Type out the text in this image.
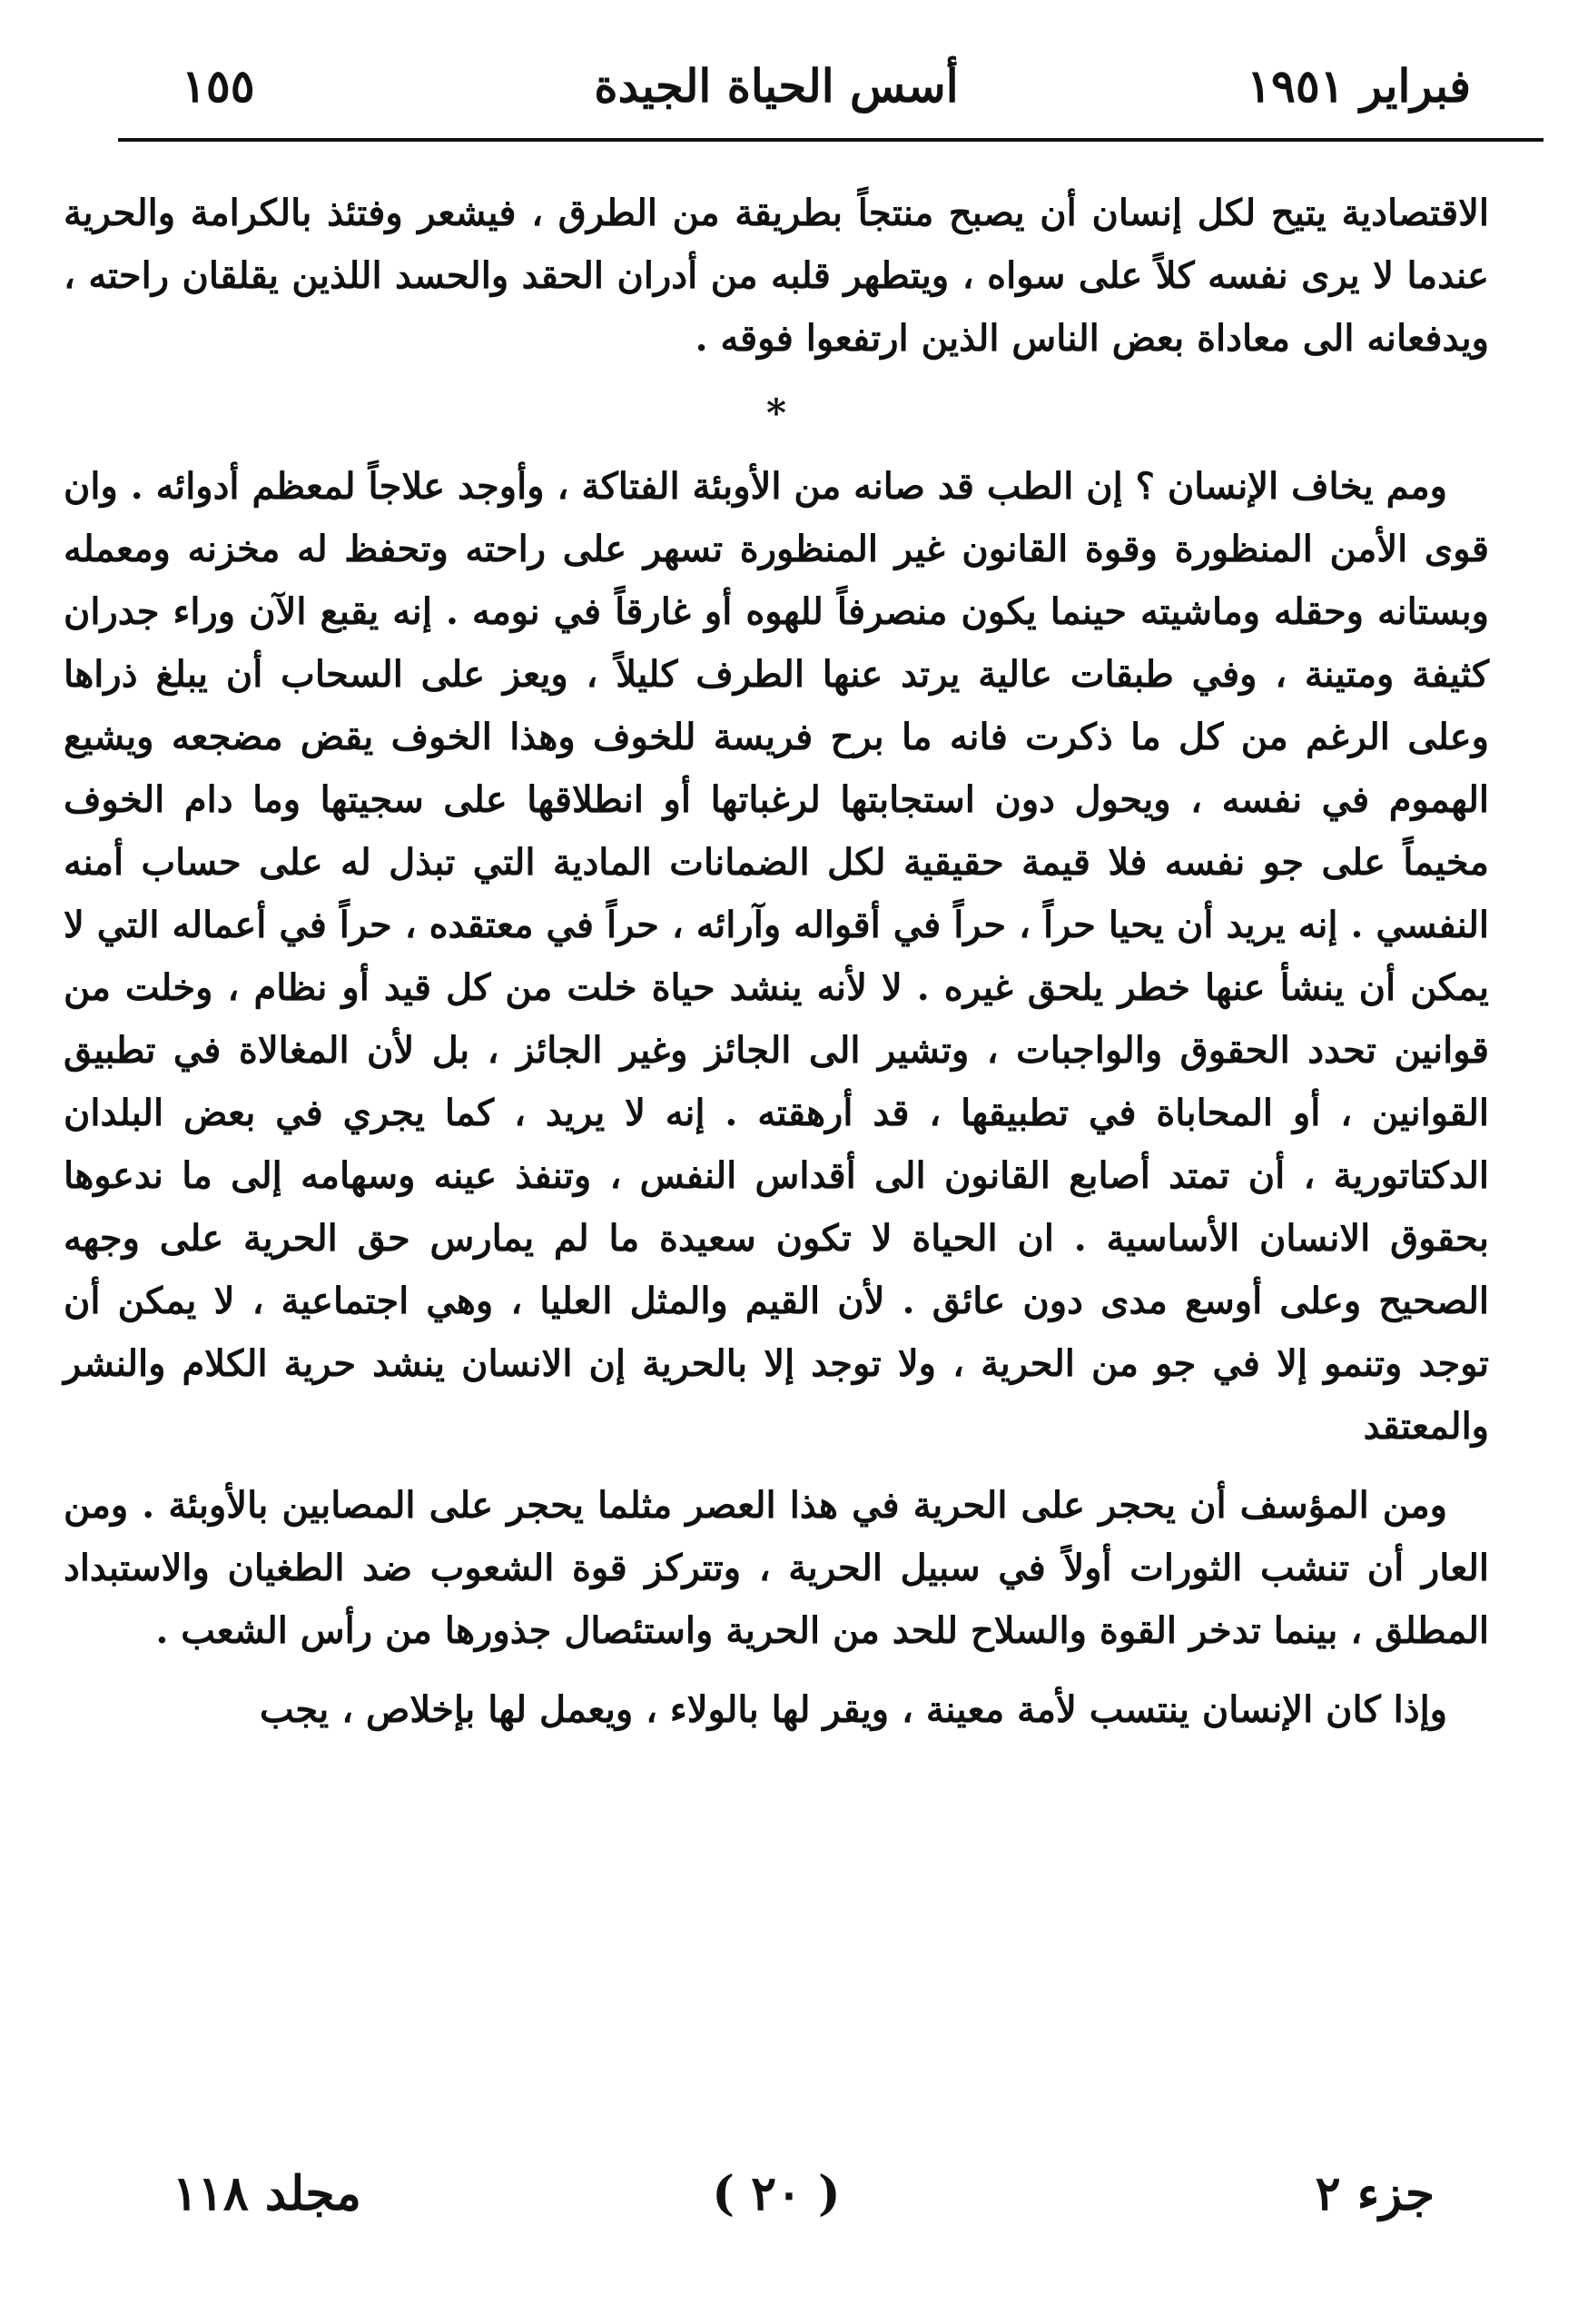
فبراير ١٩٥١
أسس الحياة الجيدة
١٥٥

الاقتصادية يتيح لكل إنسان أن يصبح منتجاً بطريقة من الطرق ، فيشعر وفتئذ بالكرامة والحرية عندما لا يرى نفسه كلاً على سواه ، ويتطهر قلبه من أدران الحقد والحسد اللذين يقلقان راحته ، ويدفعانه الى معاداة بعض الناس الذين ارتفعوا فوقه .

*

ومم يخاف الإنسان ؟ إن الطب قد صانه من الأوبئة الفتاكة ، وأوجد علاجاً لمعظم أدوائه . وان قوى الأمن المنظورة وقوة القانون غير المنظورة تسهر على راحته وتحفظ له مخزنه ومعمله وبستانه وحقله وماشيته حينما يكون منصرفاً للهوه أو غارقاً في نومه . إنه يقبع الآن وراء جدران كثيفة ومتينة ، وفي طبقات عالية يرتد عنها الطرف كليلاً ، ويعز على السحاب أن يبلغ ذراها وعلى الرغم من كل ما ذكرت فانه ما برح فريسة للخوف وهذا الخوف يقض مضجعه ويشيع الهموم في نفسه ، ويحول دون استجابتها لرغباتها أو انطلاقها على سجيتها وما دام الخوف مخيماً على جو نفسه فلا قيمة حقيقية لكل الضمانات المادية التي تبذل له على حساب أمنه النفسي . إنه يريد أن يحيا حراً ، حراً في أقواله وآرائه ، حراً في معتقده ، حراً في أعماله التي لا يمكن أن ينشأ عنها خطر يلحق غيره . لا لأنه ينشد حياة خلت من كل قيد أو نظام ، وخلت من قوانين تحدد الحقوق والواجبات ، وتشير الى الجائز وغير الجائز ، بل لأن المغالاة في تطبيق القوانين ، أو المحاباة في تطبيقها ، قد أرهقته . إنه لا يريد ، كما يجري في بعض البلدان الدكتاتورية ، أن تمتد أصابع القانون الى أقداس النفس ، وتنفذ عينه وسهامه إلى ما ندعوها بحقوق الانسان الأساسية . ان الحياة لا تكون سعيدة ما لم يمارس حق الحرية على وجهه الصحيح وعلى أوسع مدى دون عائق . لأن القيم والمثل العليا ، وهي اجتماعية ، لا يمكن أن توجد وتنمو إلا في جو من الحرية ، ولا توجد إلا بالحرية إن الانسان ينشد حرية الكلام والنشر والمعتقد

ومن المؤسف أن يحجر على الحرية في هذا العصر مثلما يحجر على المصابين بالأوبئة . ومن العار أن تنشب الثورات أولاً في سبيل الحرية ، وتتركز قوة الشعوب ضد الطغيان والاستبداد المطلق ، بينما تدخر القوة والسلاح للحد من الحرية واستئصال جذورها من رأس الشعب .

وإذا كان الإنسان ينتسب لأمة معينة ، ويقر لها بالولاء ، ويعمل لها بإخلاص ، يجب

جزء ٢
( ٢٠ )
مجلد ١١٨
